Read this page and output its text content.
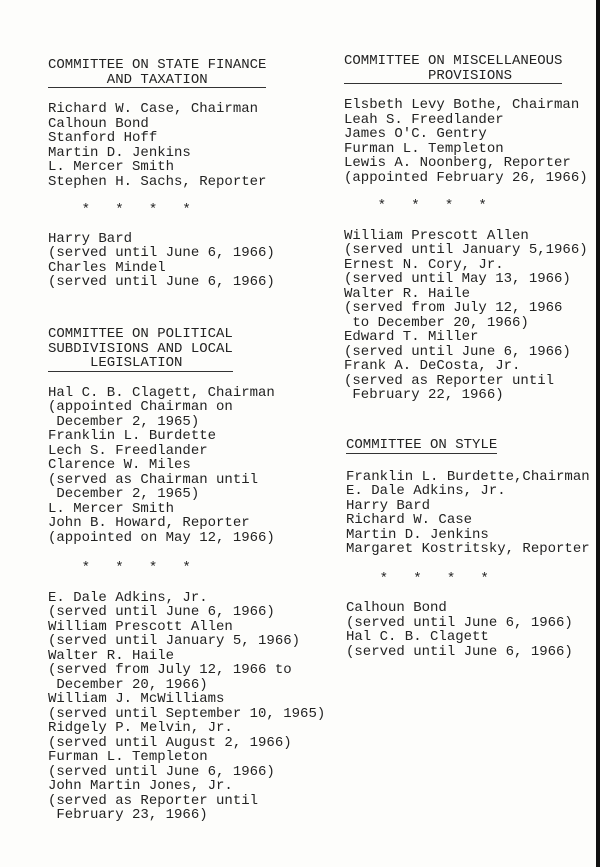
COMMITTEE ON STATE FINANCE
AND TAXATION
Richard W. Case, Chairman
Calhoun Bond
Stanford Hoff
Martin D. Jenkins
L. Mercer Smith
Stephen H. Sachs, Reporter
*   *   *   *
Harry Bard
(served until June 6, 1966)
Charles Mindel
(served until June 6, 1966)
COMMITTEE ON POLITICAL
SUBDIVISIONS AND LOCAL
LEGISLATION
Hal C. B. Clagett, Chairman
(appointed Chairman on
December 2, 1965)
Franklin L. Burdette
Lech S. Freedlander
Clarence W. Miles
(served as Chairman until
December 2, 1965)
L. Mercer Smith
John B. Howard, Reporter
(appointed on May 12, 1966)
*   *   *   *
E. Dale Adkins, Jr.
(served until June 6, 1966)
William Prescott Allen
(served until January 5, 1966)
Walter R. Haile
(served from July 12, 1966 to
December 20, 1966)
William J. McWilliams
(served until September 10, 1965)
Ridgely P. Melvin, Jr.
(served until August 2, 1966)
Furman L. Templeton
(served until June 6, 1966)
John Martin Jones, Jr.
(served as Reporter until
February 23, 1966)
COMMITTEE ON MISCELLANEOUS
PROVISIONS
Elsbeth Levy Bothe, Chairman
Leah S. Freedlander
James O'C. Gentry
Furman L. Templeton
Lewis A. Noonberg, Reporter
(appointed February 26, 1966)
*   *   *   *
William Prescott Allen
(served until January 5,1966)
Ernest N. Cory, Jr.
(served until May 13, 1966)
Walter R. Haile
(served from July 12, 1966
to December 20, 1966)
Edward T. Miller
(served until June 6, 1966)
Frank A. DeCosta, Jr.
(served as Reporter until
February 22, 1966)
COMMITTEE ON STYLE
Franklin L. Burdette,Chairman
E. Dale Adkins, Jr.
Harry Bard
Richard W. Case
Martin D. Jenkins
Margaret Kostritsky, Reporter
*   *   *   *
Calhoun Bond
(served until June 6, 1966)
Hal C. B. Clagett
(served until June 6, 1966)
